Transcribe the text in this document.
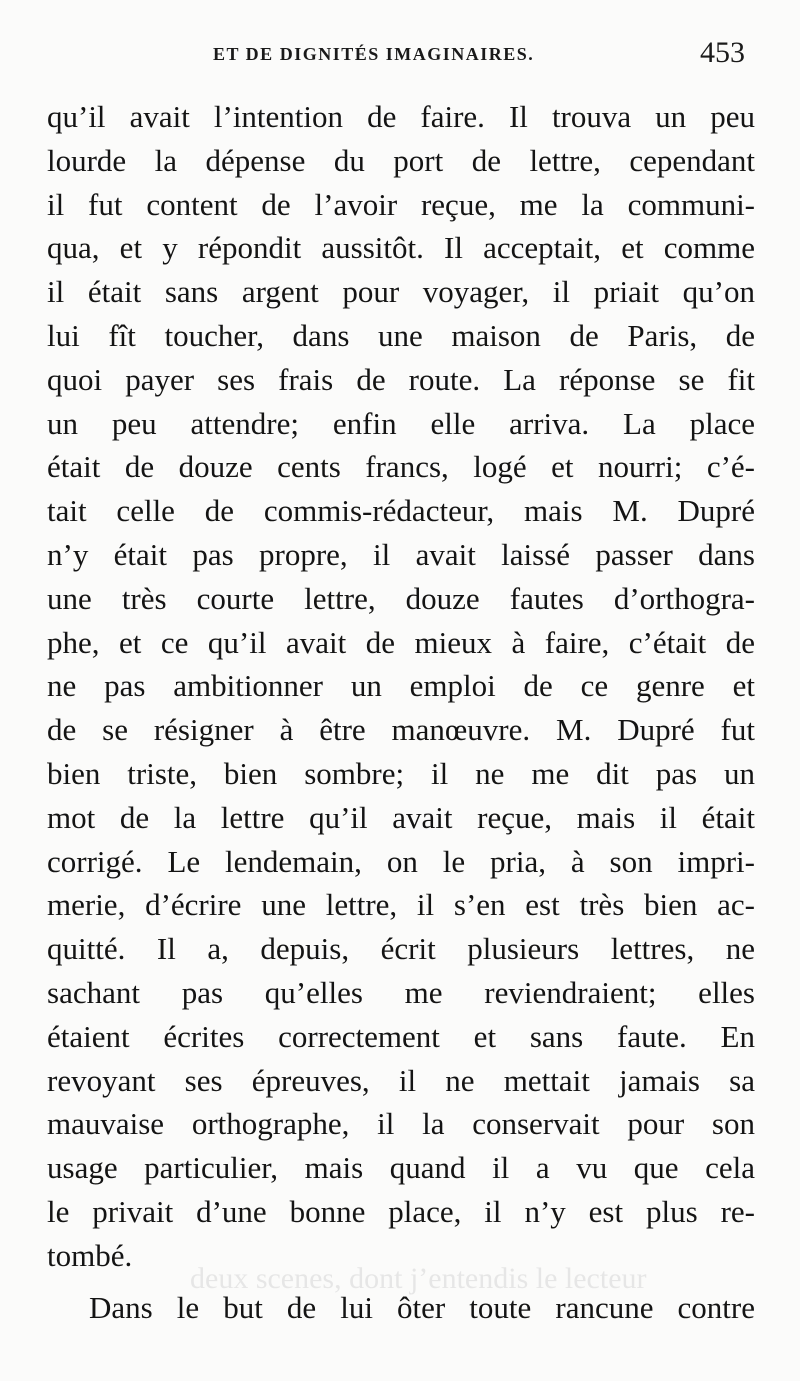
ET DE DIGNITÉS IMAGINAIRES.	453
deux scenes, dont j’entendis le lecteur
qu’il avait l’intention de faire. Il trouva un peu
lourde la dépense du port de lettre, cependant
il fut content de l’avoir reçue, me la communi-
qua, et y répondit aussitôt. Il acceptait, et comme
il était sans argent pour voyager, il priait qu’on
lui fît toucher, dans une maison de Paris, de
quoi payer ses frais de route. La réponse se fit
un peu attendre; enfin elle arriva. La place
était de douze cents francs, logé et nourri; c’é-
tait celle de commis-rédacteur, mais M. Dupré
n’y était pas propre, il avait laissé passer dans
une très courte lettre, douze fautes d’orthogra-
phe, et ce qu’il avait de mieux à faire, c’était de
ne pas ambitionner un emploi de ce genre et
de se résigner à être manœuvre. M. Dupré fut
bien triste, bien sombre; il ne me dit pas un
mot de la lettre qu’il avait reçue, mais il était
corrigé. Le lendemain, on le pria, à son impri-
merie, d’écrire une lettre, il s’en est très bien ac-
quitté. Il a, depuis, écrit plusieurs lettres, ne
sachant pas qu’elles me reviendraient; elles
étaient écrites correctement et sans faute. En
revoyant ses épreuves, il ne mettait jamais sa
mauvaise orthographe, il la conservait pour son
usage particulier, mais quand il a vu que cela
le privait d’une bonne place, il n’y est plus re-
tombé.
Dans le but de lui ôter toute rancune contre
